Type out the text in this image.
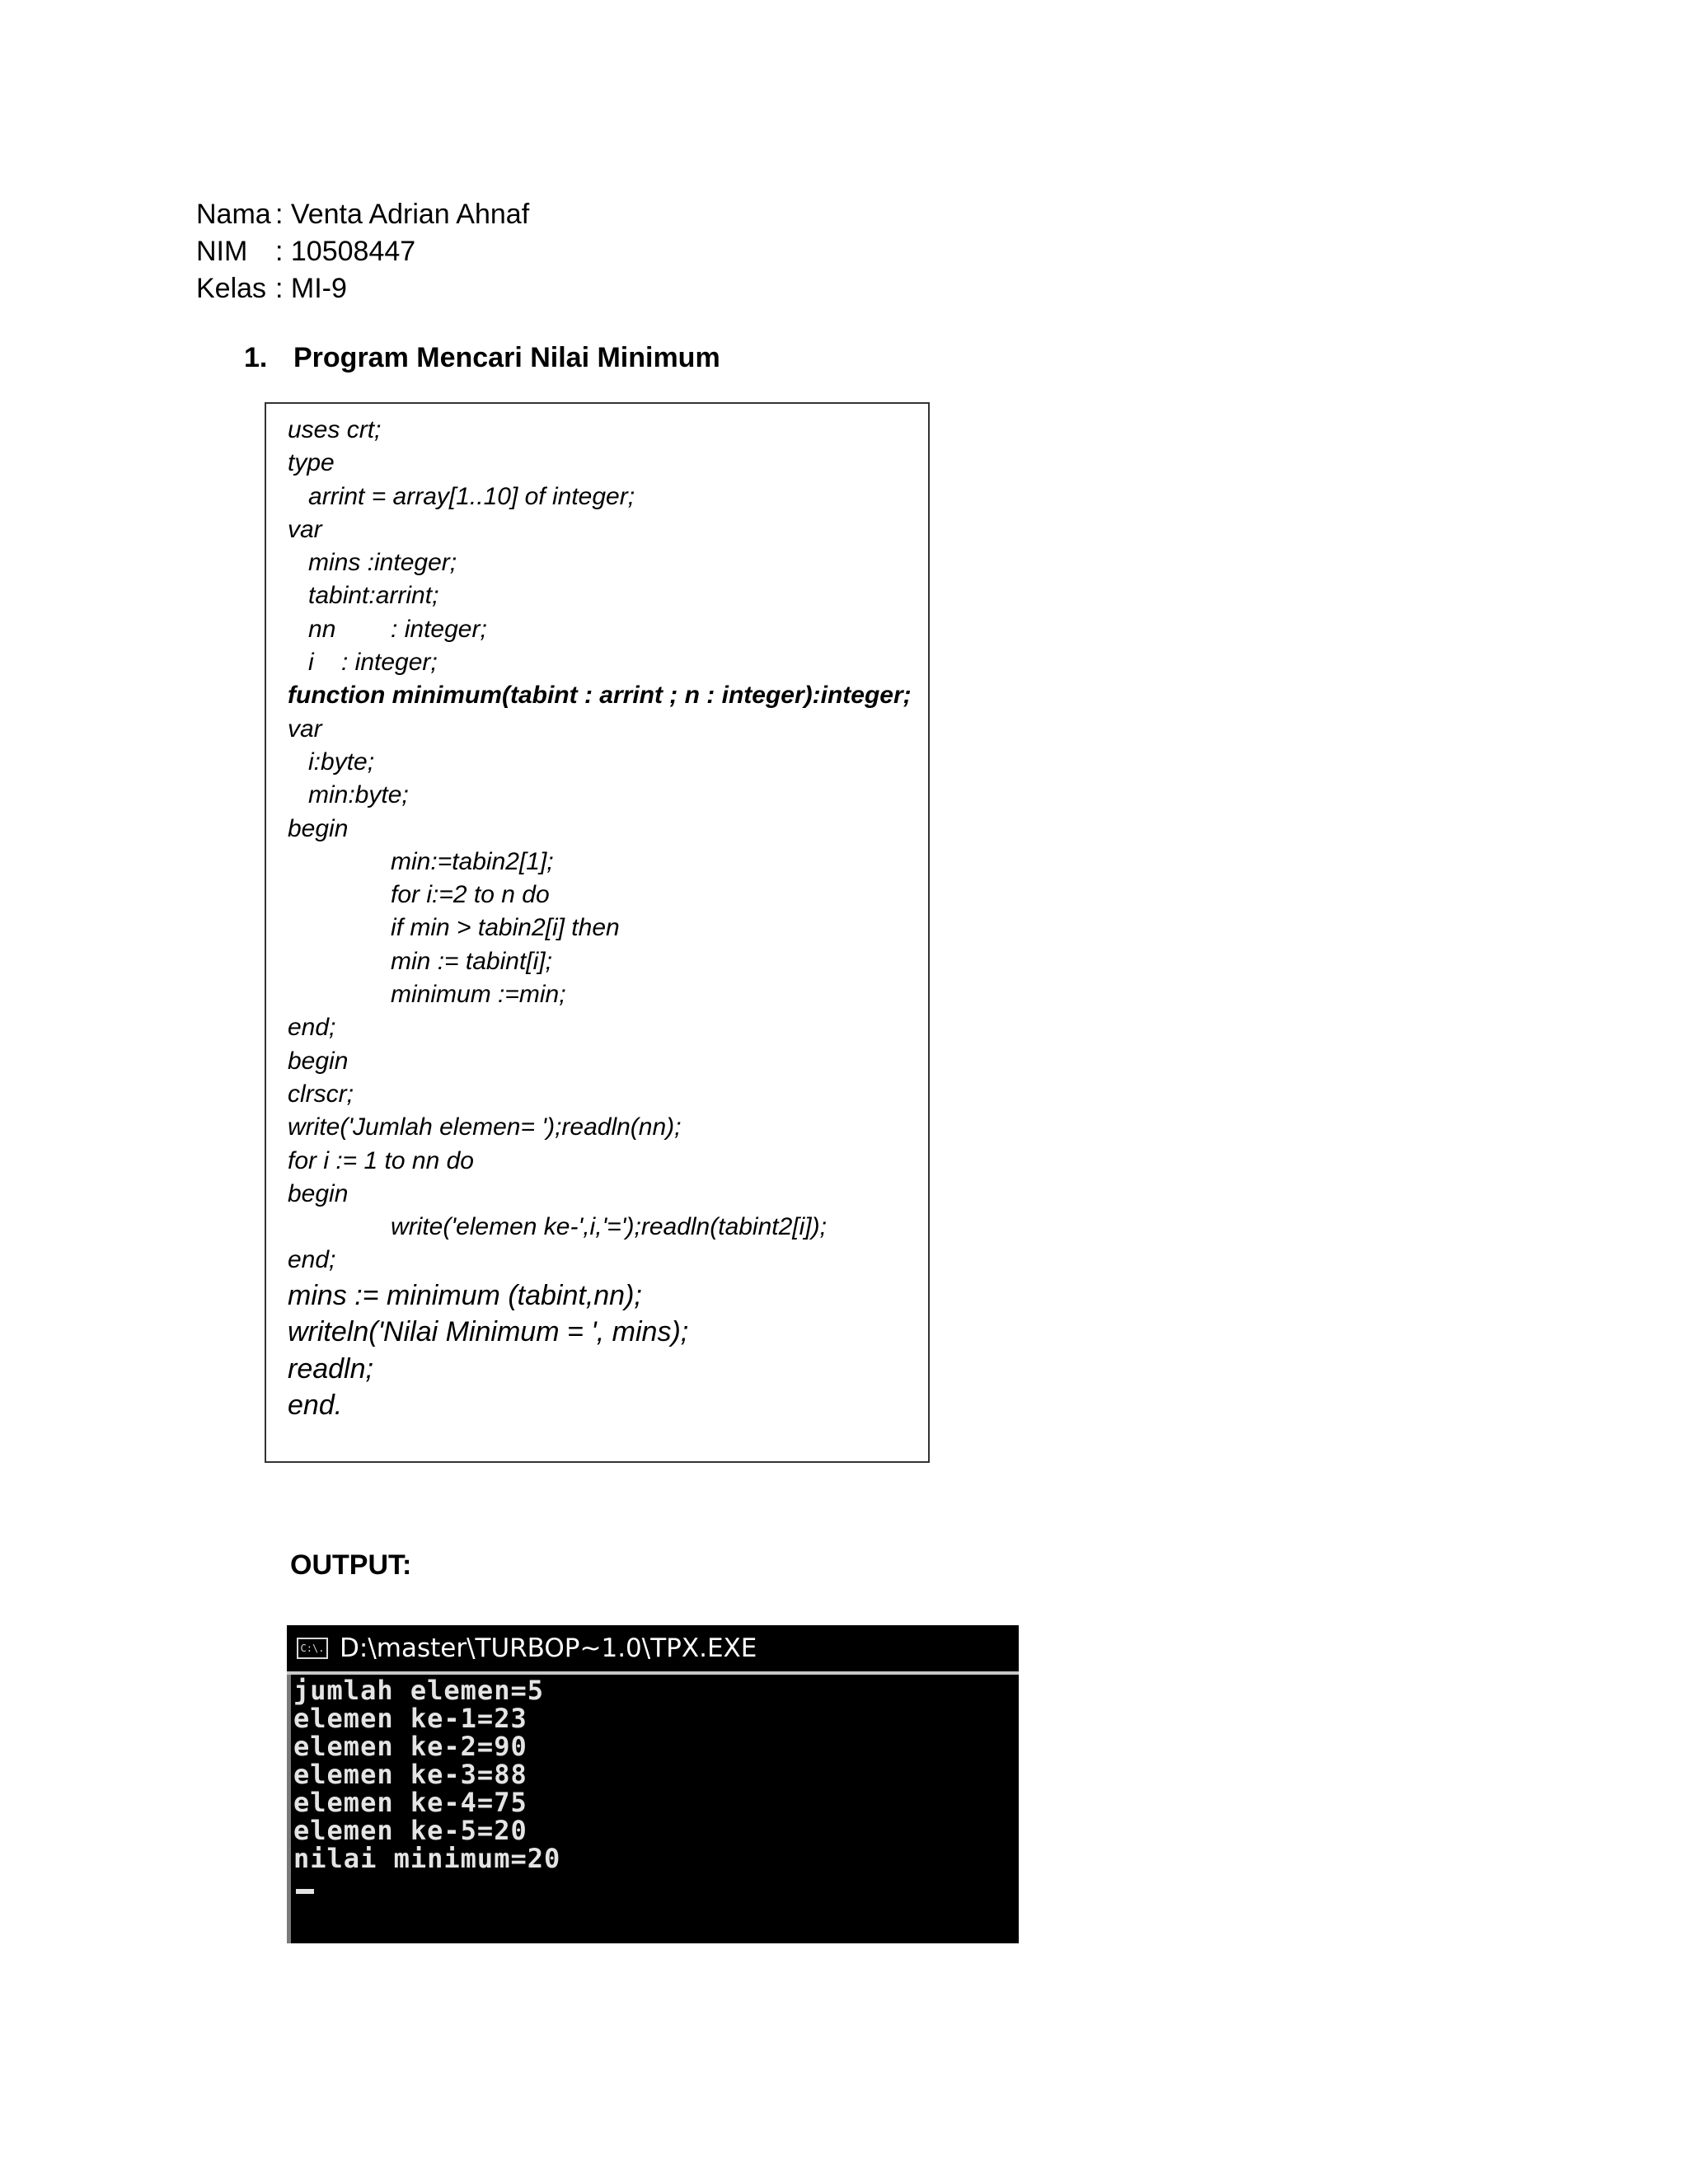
Nama : Venta Adrian Ahnaf
NIM : 10508447
Kelas : MI-9
1. Program Mencari Nilai Minimum
uses crt;
type
arrint = array[1..10] of integer;
var
mins :integer;
tabint:arrint;
nn        : integer;
i    : integer;
function minimum(tabint : arrint ; n : integer):integer;
var
i:byte;
min:byte;
begin
min:=tabin2[1];
for i:=2 to n do
if min > tabin2[i] then
min := tabint[i];
minimum :=min;
end;
begin
clrscr;
write('Jumlah elemen= ');readln(nn);
for i := 1 to nn do
begin
write('elemen ke-',i,'=');readln(tabint2[i]);
end;
mins := minimum (tabint,nn);
writeln('Nilai Minimum = ', mins);
readln;
end.
OUTPUT:
C:\. D:\master\TURBOP~1.0\TPX.EXE
jumlah elemen=5
elemen ke-1=23
elemen ke-2=90
elemen ke-3=88
elemen ke-4=75
elemen ke-5=20
nilai minimum=20
